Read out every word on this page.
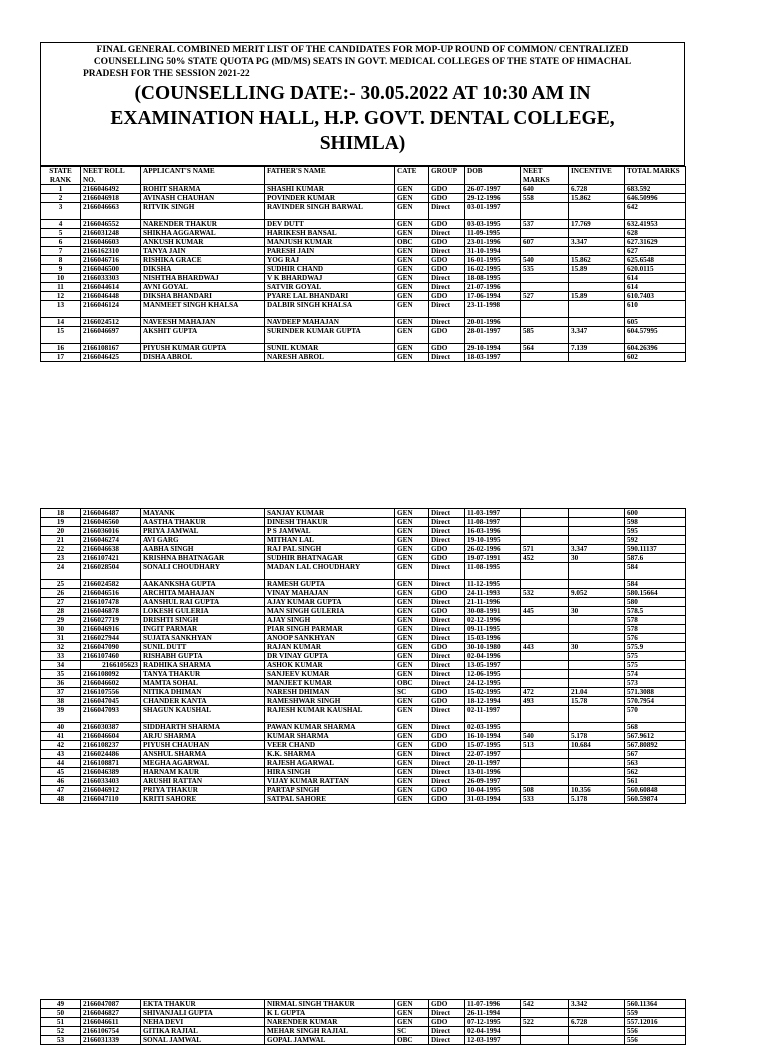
FINAL GENERAL COMBINED MERIT LIST OF THE CANDIDATES FOR MOP-UP ROUND OF COMMON/ CENTRALIZED
COUNSELLING 50% STATE QUOTA PG (MD/MS) SEATS IN GOVT. MEDICAL COLLEGES OF THE STATE OF HIMACHAL
PRADESH FOR THE SESSION 2021-22
(COUNSELLING DATE:- 30.05.2022 AT 10:30 AM IN
EXAMINATION HALL, H.P. GOVT. DENTAL COLLEGE,
SHIMLA)
STATE RANK	NEET ROLL NO.	APPLICANT'S NAME	FATHER'S NAME	CATE	GROUP	DOB	NEET MARKS	INCENTIVE	TOTAL MARKS
1	2166046492	ROHIT SHARMA	SHASHI KUMAR	GEN	GDO	26-07-1997	640	6.728	683.592
2	2166046918	AVINASH CHAUHAN	POVINDER KUMAR	GEN	GDO	29-12-1996	558	15.862	646.50996
3	2166046663	RITVIK SINGH	RAVINDER SINGH BARWAL	GEN	Direct	03-01-1997			642
4	2166046552	NARENDER THAKUR	DEV DUTT	GEN	GDO	03-03-1995	537	17.769	632.41953
5	2166031248	SHIKHA AGGARWAL	HARIKESH BANSAL	GEN	Direct	11-09-1995			628
6	2166046603	ANKUSH KUMAR	MANJUSH KUMAR	OBC	GDO	23-01-1996	607	3.347	627.31629
7	2166162310	TANYA JAIN	PARESH JAIN	GEN	Direct	31-10-1994			627
8	2166046716	RISHIKA GRACE	YOG RAJ	GEN	GDO	16-01-1995	540	15.862	625.6548
9	2166046500	DIKSHA	SUDHIR CHAND	GEN	GDO	16-02-1995	535	15.89	620.0115
10	2166033303	NISHTHA BHARDWAJ	V K BHARDWAJ	GEN	Direct	18-08-1995			614
11	2166044614	AVNI GOYAL	SATVIR GOYAL	GEN	Direct	21-07-1996			614
12	2166046448	DIKSHA BHANDARI	PYARE LAL BHANDARI	GEN	GDO	17-06-1994	527	15.89	610.7403
13	2166046124	MANMEET SINGH KHALSA	DALBIR SINGH KHALSA	GEN	Direct	23-11-1998			610
14	2166024512	NAVEESH MAHAJAN	NAVDEEP MAHAJAN	GEN	Direct	20-01-1996			605
15	2166046697	AKSHIT GUPTA	SURINDER KUMAR GUPTA	GEN	GDO	28-01-1997	585	3.347	604.57995
16	2166108167	PIYUSH KUMAR GUPTA	SUNIL KUMAR	GEN	GDO	29-10-1994	564	7.139	604.26396
17	2166046425	DISHA ABROL	NARESH ABROL	GEN	Direct	18-03-1997			602
18	2166046487	MAYANK	SANJAY KUMAR	GEN	Direct	11-03-1997			600
19	2166046560	AASTHA THAKUR	DINESH THAKUR	GEN	Direct	11-08-1997			598
20	2166036016	PRIYA JAMWAL	P S JAMWAL	GEN	Direct	16-03-1996			595
21	2166046274	AVI GARG	MITHAN LAL	GEN	Direct	19-10-1995			592
22	2166046638	AABHA SINGH	RAJ PAL SINGH	GEN	GDO	26-02-1996	571	3.347	590.11137
23	2166107421	KRISHNA BHATNAGAR	SUDHIR BHATNAGAR	GEN	GDO	19-07-1991	452	30	587.6
24	2166028504	SONALI CHOUDHARY	MADAN LAL CHOUDHARY	GEN	Direct	11-08-1995			584
25	2166024582	AAKANKSHA GUPTA	RAMESH GUPTA	GEN	Direct	11-12-1995			584
26	2166046516	ARCHITA MAHAJAN	VINAY MAHAJAN	GEN	GDO	24-11-1993	532	9.052	580.15664
27	2166107478	AANSHUL RAI GUPTA	AJAY KUMAR GUPTA	GEN	Direct	21-11-1996			580
28	2166046878	LOKESH GULERIA	MAN SINGH GULERIA	GEN	GDO	30-08-1991	445	30	578.5
29	2166027719	DRISHTI SINGH	AJAY SINGH	GEN	Direct	02-12-1996			578
30	2166046916	INGIT PARMAR	PIAR SINGH PARMAR	GEN	Direct	09-11-1995			578
31	2166027944	SUJATA SANKHYAN	ANOOP SANKHYAN	GEN	Direct	15-03-1996			576
32	2166047090	SUNIL DUTT	RAJAN KUMAR	GEN	GDO	30-10-1980	443	30	575.9
33	2166107460	RISHABH GUPTA	DR VINAY GUPTA	GEN	Direct	02-04-1996			575
34	2166105623	RADHIKA SHARMA	ASHOK KUMAR	GEN	Direct	13-05-1997			575
35	2166108092	TANYA THAKUR	SANJEEV KUMAR	GEN	Direct	12-06-1995			574
36	2166046602	MAMTA SOHAL	MANJEET KUMAR	OBC	Direct	24-12-1995			573
37	2166107556	NITIKA DHIMAN	NARESH DHIMAN	SC	GDO	15-02-1995	472	21.04	571.3088
38	2166047045	CHANDER KANTA	RAMESHWAR SINGH	GEN	GDO	18-12-1994	493	15.78	570.7954
39	2166047093	SHAGUN KAUSHAL	RAJESH KUMAR KAUSHAL	GEN	Direct	02-11-1997			570
40	2166030387	SIDDHARTH SHARMA	PAWAN KUMAR SHARMA	GEN	Direct	02-03-1995			568
41	2166046604	ARJU SHARMA	KUMAR SHARMA	GEN	GDO	16-10-1994	540	5.178	567.9612
42	2166108237	PIYUSH CHAUHAN	VEER CHAND	GEN	GDO	15-07-1995	513	10.684	567.80892
43	2166024486	ANSHUL SHARMA	K.K. SHARMA	GEN	Direct	22-07-1997			567
44	2166108871	MEGHA AGARWAL	RAJESH AGARWAL	GEN	Direct	20-11-1997			563
45	2166046389	HARNAM KAUR	HIRA SINGH	GEN	Direct	13-01-1996			562
46	2166033403	ARUSHI RATTAN	VIJAY KUMAR RATTAN	GEN	Direct	26-09-1997			561
47	2166046912	PRIYA THAKUR	PARTAP SINGH	GEN	GDO	10-04-1995	508	10.356	560.60848
48	2166047110	KRITI SAHORE	SATPAL SAHORE	GEN	GDO	31-03-1994	533	5.178	560.59874
49	2166047087	EKTA THAKUR	NIRMAL SINGH THAKUR	GEN	GDO	11-07-1996	542	3.342	560.11364
50	2166046827	SHIVANJALI GUPTA	K L GUPTA	GEN	Direct	26-11-1994			559
51	2166046611	NEHA DEVI	NARENDER KUMAR	GEN	GDO	07-12-1995	522	6.728	557.12016
52	2166106754	GITIKA RAJIAL	MEHAR SINGH RAJIAL	SC	Direct	02-04-1994			556
53	2166031339	SONAL JAMWAL	GOPAL JAMWAL	OBC	Direct	12-03-1997			556
